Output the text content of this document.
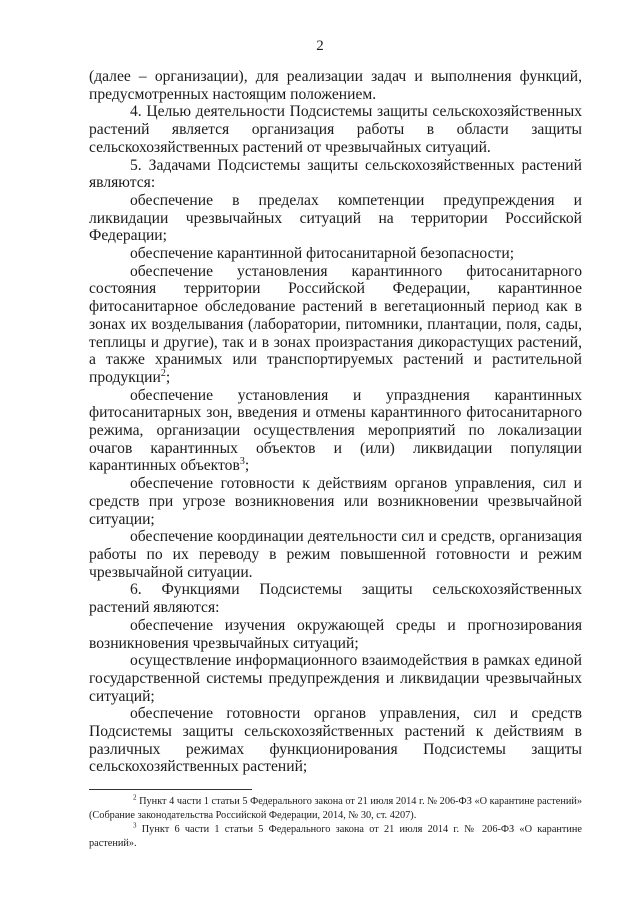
2

(далее – организации), для реализации задач и выполнения функций, предусмотренных настоящим положением.

4. Целью деятельности Подсистемы защиты сельскохозяйственных растений является организация работы в области защиты сельскохозяйственных растений от чрезвычайных ситуаций.

5. Задачами Подсистемы защиты сельскохозяйственных растений являются:

обеспечение в пределах компетенции предупреждения и ликвидации чрезвычайных ситуаций на территории Российской Федерации;

обеспечение карантинной фитосанитарной безопасности;

обеспечение установления карантинного фитосанитарного состояния территории Российской Федерации, карантинное фитосанитарное обследование растений в вегетационный период как в зонах их возделывания (лаборатории, питомники, плантации, поля, сады, теплицы и другие), так и в зонах произрастания дикорастущих растений, а также хранимых или транспортируемых растений и растительной продукции$^2$;

обеспечение установления и упразднения карантинных фитосанитарных зон, введения и отмены карантинного фитосанитарного режима, организации осуществления мероприятий по локализации очагов карантинных объектов и (или) ликвидации популяции карантинных объектов$^3$;

обеспечение готовности к действиям органов управления, сил и средств при угрозе возникновения или возникновении чрезвычайной ситуации;

обеспечение координации деятельности сил и средств, организация работы по их переводу в режим повышенной готовности и режим чрезвычайной ситуации.

6. Функциями Подсистемы защиты сельскохозяйственных растений являются:

обеспечение изучения окружающей среды и прогнозирования возникновения чрезвычайных ситуаций;

осуществление информационного взаимодействия в рамках единой государственной системы предупреждения и ликвидации чрезвычайных ситуаций;

обеспечение готовности органов управления, сил и средств Подсистемы защиты сельскохозяйственных растений к действиям в различных режимах функционирования Подсистемы защиты сельскохозяйственных растений;

$^2$ Пункт 4 части 1 статьи 5 Федерального закона от 21 июля 2014 г. № 206-ФЗ «О карантине растений» (Собрание законодательства Российской Федерации, 2014, № 30, ст. 4207).

$^3$ Пункт 6 части 1 статьи 5 Федерального закона от 21 июля 2014 г. № 206-ФЗ «О карантине растений».
